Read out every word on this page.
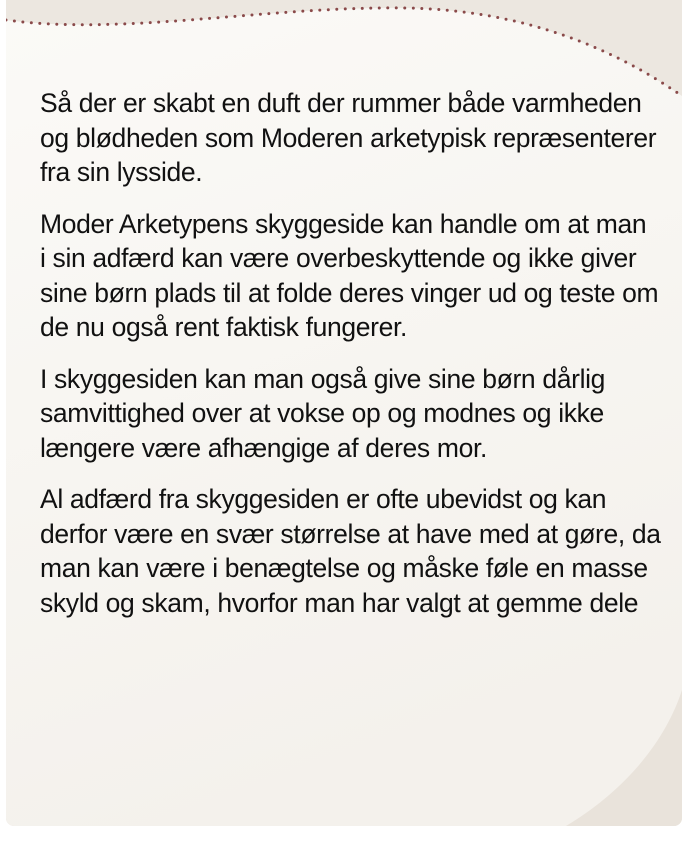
Så der er skabt en duft der rummer både varmheden
og blødheden som Moderen arketypisk repræsenterer
fra sin lysside.

Moder Arketypens skyggeside kan handle om at man
i sin adfærd kan være overbeskyttende og ikke giver
sine børn plads til at folde deres vinger ud og teste om
de nu også rent faktisk fungerer.

I skyggesiden kan man også give sine børn dårlig
samvittighed over at vokse op og modnes og ikke
længere være afhængige af deres mor.

Al adfærd fra skyggesiden er ofte ubevidst og kan
derfor være en svær størrelse at have med at gøre, da
man kan være i benægtelse og måske føle en masse
skyld og skam, hvorfor man har valgt at gemme dele
